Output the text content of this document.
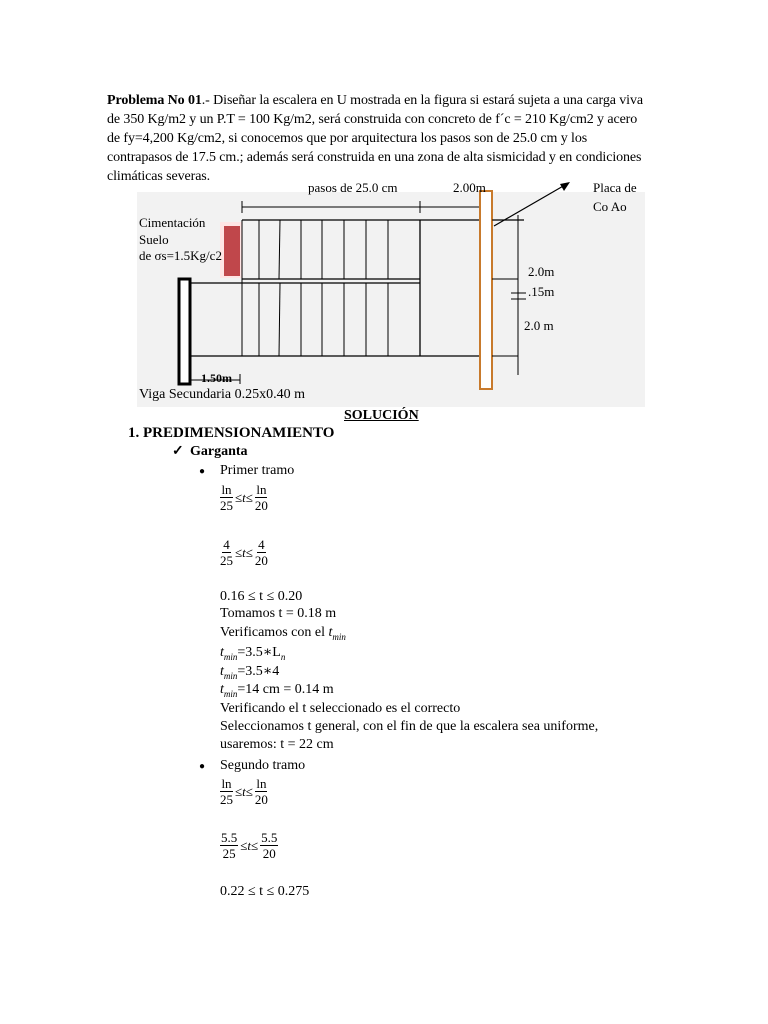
Problema No 01.- Diseñar la escalera en U mostrada en la figura si estará sujeta a una carga viva de 350 Kg/m2 y un P.T = 100 Kg/m2, será construida con concreto de f´c = 210 Kg/cm2 y acero de fy=4,200 Kg/cm2, si conocemos que por arquitectura los pasos son de 25.0 cm y los contrapasos de 17.5 cm.; además será construida en una zona de alta sismicidad y en condiciones climáticas severas.
pasos de 25.0 cm	2.00m	Placa de
Co Ao
Cimentación
Suelo
de σs=1.5Kg/c2
2.0m
.15m
2.0 m
1.50m
Viga Secundaria 0.25x0.40 m
SOLUCIÓN
1. PREDIMENSIONAMIENTO
✓ Garganta
● Primer tramo
$\frac{\ln}{25} \le t\le \frac{\ln}{20}$
$\frac{4}{25} \le t\le \frac{4}{20}$
0.16 ≤ t ≤ 0.20
Tomamos t = 0.18 m
Verificamos con el $t_{min}$
$t_{min}=3.5∗L_n$
$t_{min}=3.5∗4$
$t_{min}=14$ cm = 0.14 m
Verificando el t seleccionado es el correcto
Seleccionamos t general, con el fin de que la escalera sea uniforme,
usaremos: t = 22 cm
● Segundo tramo
$\frac{\ln}{25} \le t\le \frac{\ln}{20}$
$\frac{5.5}{25} \le t\le \frac{5.5}{20}$
0.22 ≤ t ≤ 0.275
